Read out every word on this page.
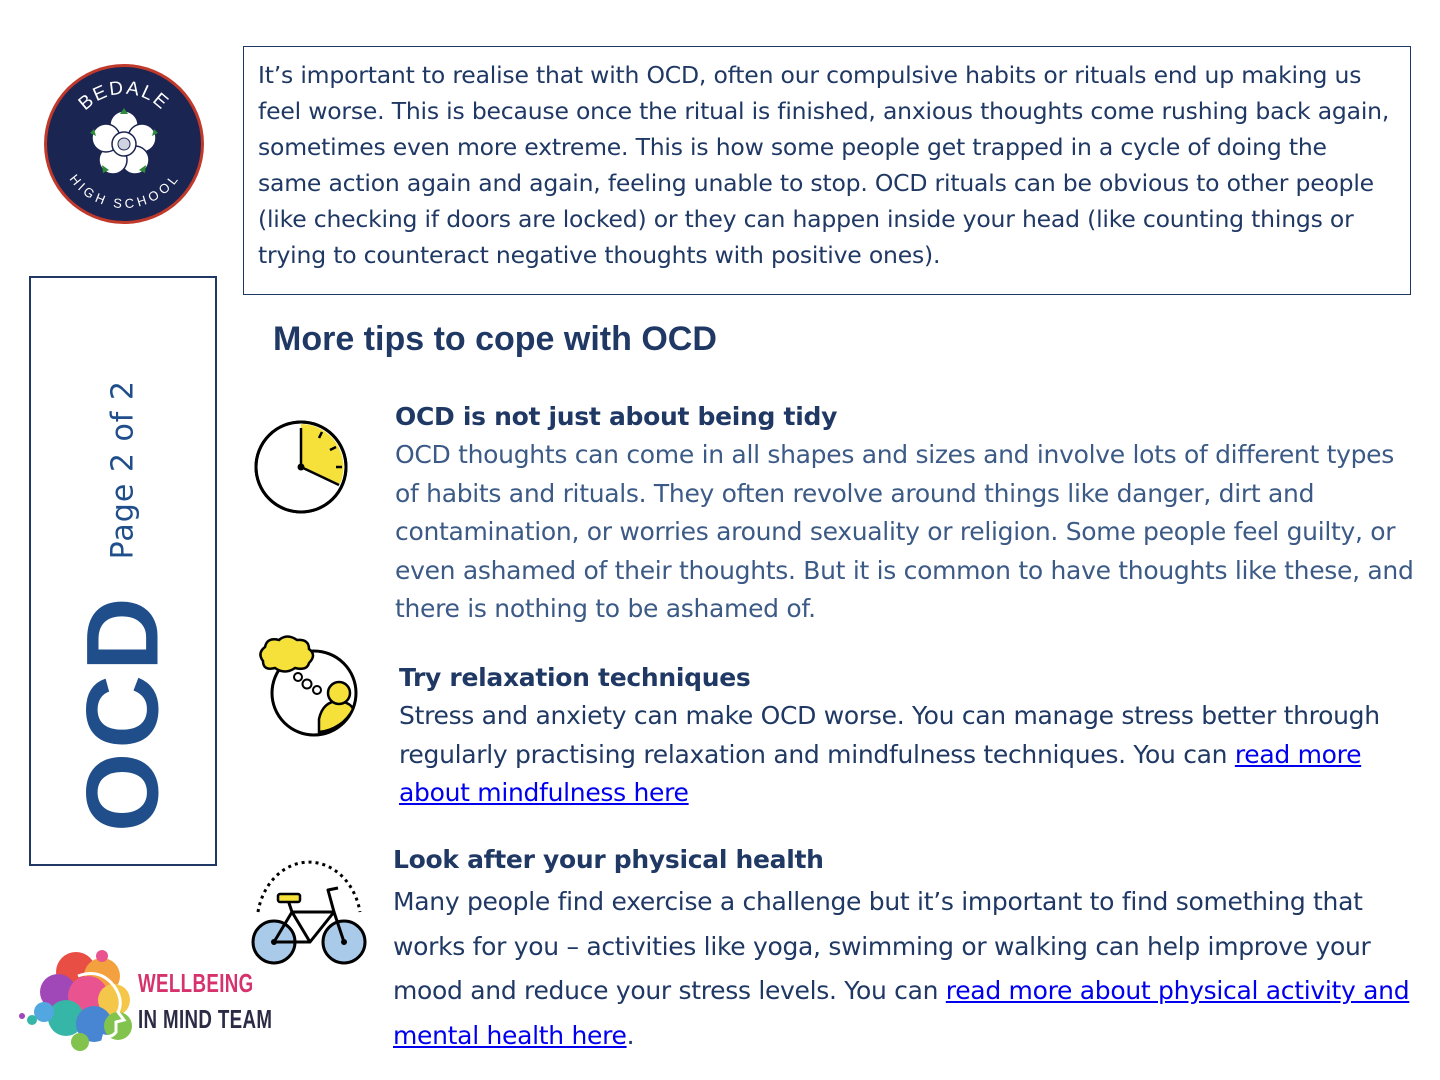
BEDALE
HIGH SCHOOL
OCD
Page 2 of 2

It’s important to realise that with OCD, often our compulsive habits or rituals end up making us feel worse. This is because once the ritual is finished, anxious thoughts come rushing back again, sometimes even more extreme. This is how some people get trapped in a cycle of doing the same action again and again, feeling unable to stop. OCD rituals can be obvious to other people (like checking if doors are locked) or they can happen inside your head (like counting things or trying to counteract negative thoughts with positive ones).

More tips to cope with OCD

OCD is not just about being tidy

OCD thoughts can come in all shapes and sizes and involve lots of different types of habits and rituals. They often revolve around things like danger, dirt and contamination, or worries around sexuality or religion. Some people feel guilty, or even ashamed of their thoughts. But it is common to have thoughts like these, and there is nothing to be ashamed of.

Try relaxation techniques

Stress and anxiety can make OCD worse. You can manage stress better through regularly practising relaxation and mindfulness techniques. You can read more about mindfulness here

Look after your physical health

Many people find exercise a challenge but it’s important to find something that works for you – activities like yoga, swimming or walking can help improve your mood and reduce your stress levels. You can read more about physical activity and mental health here.

WELLBEING
IN MIND TEAM
